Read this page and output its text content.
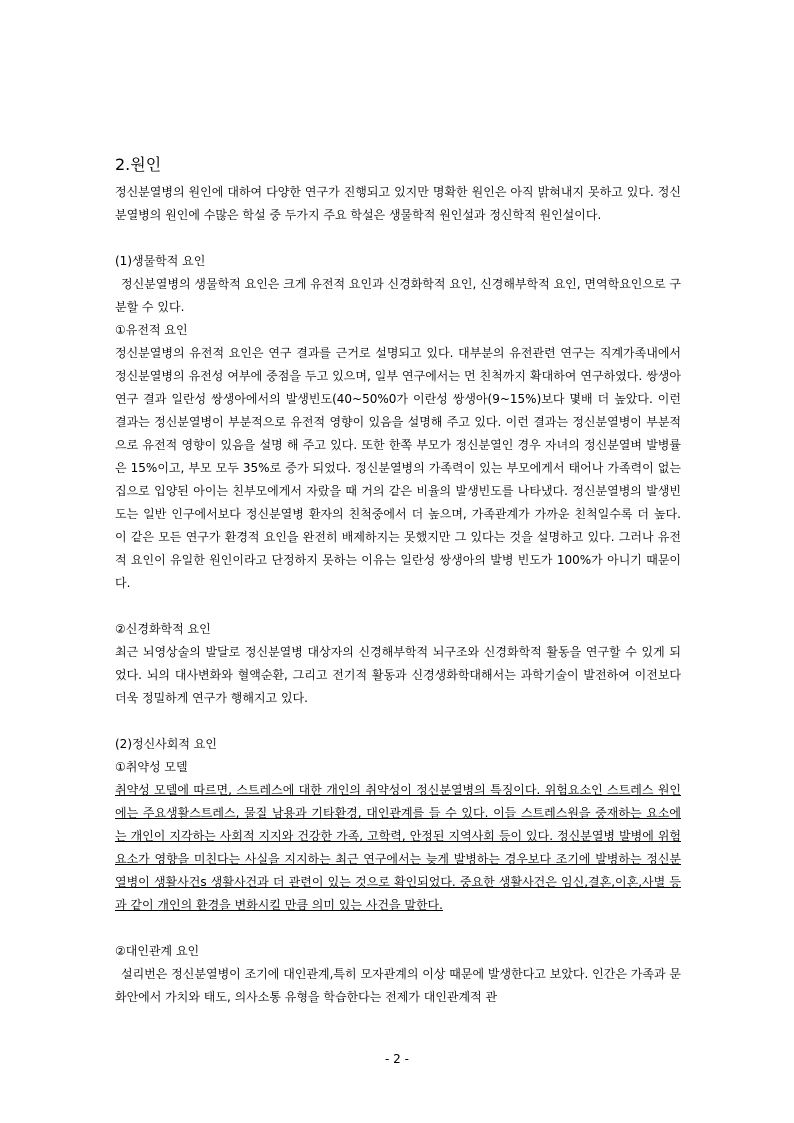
2.원인

정신분열병의 원인에 대하여 다양한 연구가 진행되고 있지만 명확한 원인은 아직 밝혀내지 못하고 있다. 정신분열병의 원인에 수많은 학설 중 두가지 주요 학설은 생물학적 원인설과 정신학적 원인설이다.

(1)생물학적 요인

정신분열병의 생물학적 요인은 크게 유전적 요인과 신경화학적 요인, 신경해부학적 요인, 면역학요인으로 구분할 수 있다.

①유전적 요인

정신분열병의 유전적 요인은 연구 결과를 근거로 설명되고 있다. 대부분의 유전관련 연구는 직계가족내에서 정신분열병의 유전성 여부에 중점을 두고 있으며, 일부 연구에서는 먼 친척까지 확대하여 연구하였다. 쌍생아 연구 결과 일란성 쌍생아에서의 발생빈도(40~50%0가 이란성 쌍생아(9~15%)보다 몇배 더 높았다. 이런 결과는 정신분열병이 부분적으로 유전적 영향이 있음을 설명해 주고 있다. 이런 결과는 정신분열병이 부분적으로 유전적 영향이 있음을 설명 해 주고 있다. 또한 한쪽 부모가 정신분열인 경우 자녀의 정신분열벼 발병률은 15%이고, 부모 모두 35%로 증가 되었다. 정신분열병의 가족력이 있는 부모에게서 태어나 가족력이 없는 집으로 입양된 아이는 친부모에게서 자랐을 때 거의 같은 비율의 발생빈도를 나타냈다. 정신분열병의 발생빈도는 일반 인구에서보다 정신분열병 환자의 친척중에서 더 높으며, 가족관계가 가까운 친척일수록 더 높다. 이 같은 모든 연구가 환경적 요인을 완전히 배제하지는 못했지만 그 있다는 것을 설명하고 있다. 그러나 유전적 요인이 유일한 원인이라고 단정하지 못하는 이유는 일란성 쌍생아의 발병 빈도가 100%가 아니기 때문이다.

②신경화학적 요인

최근 뇌영상술의 발달로 정신분열병 대상자의 신경해부학적 뇌구조와 신경화학적 활동을 연구할 수 있게 되었다. 뇌의 대사변화와 혈액순환, 그리고 전기적 활동과 신경생화학대해서는 과학기술이 발전하여 이전보다 더욱 정밀하게 연구가 행해지고 있다.

(2)정신사회적 요인

①취약성 모델

취약성 모델에 따르면, 스트레스에 대한 개인의 취약성이 정신분열병의 특징이다. 위험요소인 스트레스 원인에는 주요생활스트레스, 물질 남용과 기타환경, 대인관계를 들 수 있다. 이들 스트레스원을 중재하는 요소에는 개인이 지각하는 사회적 지지와 건강한 가족, 고학력, 안정된 지역사회 등이 있다. 정신분열병 발병에 위험요소가 영향을 미친다는 사실을 지지하는 최근 연구에서는 늦게 발병하는 경우보다 조기에 발병하는 정신분열병이 생활사건s 생활사건과 더 관련이 있는 것으로 확인되었다. 중요한 생활사건은 임신,결혼,이혼,사별 등과 같이 개인의 환경을 변화시킬 만큼 의미 있는 사건을 말한다.

②대인관계 요인

설리번은 정신분열병이 조기에 대인관계,특히 모자관계의 이상 때문에 발생한다고 보았다. 인간은 가족과 문화안에서 가치와 태도, 의사소통 유형을 학습한다는 전제가 대인관계적 관

- 2 -
